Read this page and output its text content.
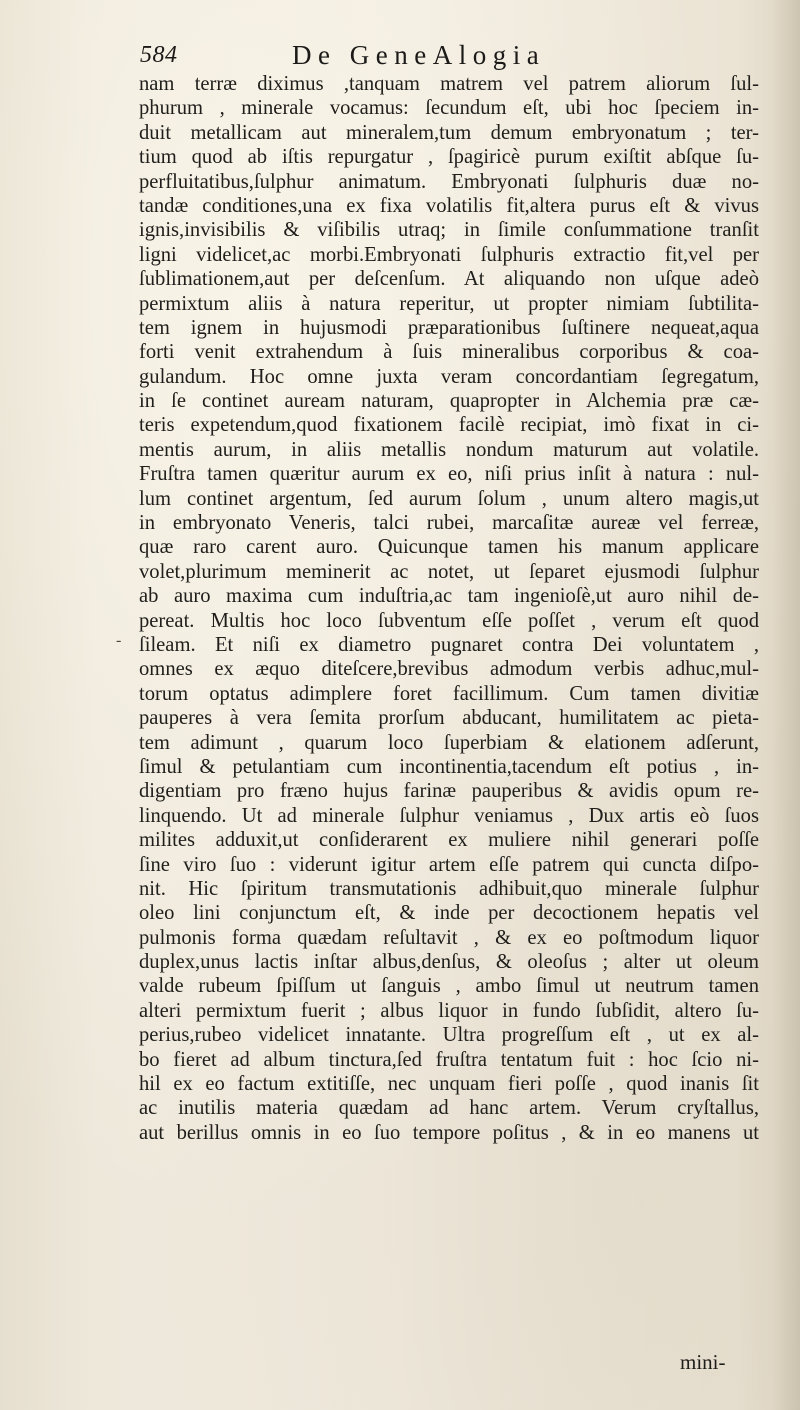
584	De GeneAlogia
-
nam terræ diximus ,tanquam matrem vel patrem aliorum ſul-
phurum , minerale vocamus: ſecundum eſt, ubi hoc ſpeciem in-
duit metallicam aut mineralem,tum demum embryonatum ; ter-
tium quod ab iſtis repurgatur , ſpagiricè purum exiſtit abſque ſu-
perfluitatibus,ſulphur animatum. Embryonati ſulphuris duæ no-
tandæ conditiones,una ex fixa volatilis fit,altera purus eſt & vivus
ignis,invisibilis & viſibilis utraq; in ſimile conſummatione tranſit
ligni videlicet,ac morbi.Embryonati ſulphuris extractio fit,vel per
ſublimationem,aut per deſcenſum. At aliquando non uſque adeò
permixtum aliis à natura reperitur, ut propter nimiam ſubtilita-
tem ignem in hujusmodi præparationibus ſuſtinere nequeat,aqua
forti venit extrahendum à ſuis mineralibus corporibus & coa-
gulandum. Hoc omne juxta veram concordantiam ſegregatum,
in ſe continet auream naturam, quapropter in Alchemia præ cæ-
teris expetendum,quod fixationem facilè recipiat, imò fixat in ci-
mentis aurum, in aliis metallis nondum maturum aut volatile.
Fruſtra tamen quæritur aurum ex eo, niſi prius inſit à natura : nul-
lum continet argentum, ſed aurum ſolum , unum altero magis,ut
in embryonato Veneris, talci rubei, marcaſitæ aureæ vel ferreæ,
quæ raro carent auro. Quicunque tamen his manum applicare
volet,plurimum meminerit ac notet, ut ſeparet ejusmodi ſulphur
ab auro maxima cum induſtria,ac tam ingenioſè,ut auro nihil de-
pereat. Multis hoc loco ſubventum eſſe poſſet , verum eſt quod
ſileam. Et niſi ex diametro pugnaret contra Dei voluntatem ,
omnes ex æquo diteſcere,brevibus admodum verbis adhuc,mul-
torum optatus adimplere foret facillimum. Cum tamen divitiæ
pauperes à vera ſemita prorſum abducant, humilitatem ac pieta-
tem adimunt , quarum loco ſuperbiam & elationem adſerunt,
ſimul & petulantiam cum incontinentia,tacendum eſt potius , in-
digentiam pro fræno hujus farinæ pauperibus & avidis opum re-
linquendo. Ut ad minerale ſulphur veniamus , Dux artis eò ſuos
milites adduxit,ut conſiderarent ex muliere nihil generari poſſe
ſine viro ſuo : viderunt igitur artem eſſe patrem qui cuncta diſpo-
nit. Hic ſpiritum transmutationis adhibuit,quo minerale ſulphur
oleo lini conjunctum eſt, & inde per decoctionem hepatis vel
pulmonis forma quædam reſultavit , & ex eo poſtmodum liquor
duplex,unus lactis inſtar albus,denſus, & oleoſus ; alter ut oleum
valde rubeum ſpiſſum ut ſanguis , ambo ſimul ut neutrum tamen
alteri permixtum fuerit ; albus liquor in fundo ſubſidit, altero ſu-
perius,rubeo videlicet innatante. Ultra progreſſum eſt , ut ex al-
bo fieret ad album tinctura,ſed fruſtra tentatum fuit : hoc ſcio ni-
hil ex eo factum extitiſſe, nec unquam fieri poſſe , quod inanis ſit
ac inutilis materia quædam ad hanc artem. Verum cryſtallus,
aut berillus omnis in eo ſuo tempore poſitus , & in eo manens ut
mini-
